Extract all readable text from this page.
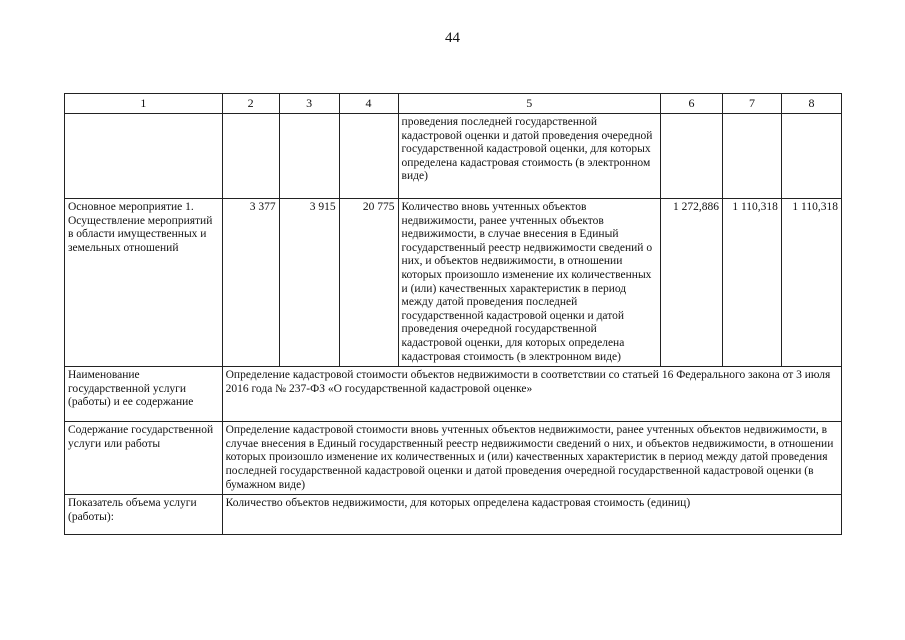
44
1	2	3	4	5	6	7	8
				проведения последней государственной кадастровой оценки и датой проведения очередной государственной кадастровой оценки, для которых определена кадастровая стоимость (в электронном виде)			
Основное мероприятие 1. Осуществление мероприятий в области имущественных и земельных отношений	3 377	3 915	20 775	Количество вновь учтенных объектов недвижимости, ранее учтенных объектов недвижимости, в случае внесения в Единый государственный реестр недвижимости сведений о них, и объектов недвижимости, в отношении которых произошло изменение их количественных и (или) качественных характеристик в период между датой проведения последней государственной кадастровой оценки и датой проведения очередной государственной кадастровой оценки, для которых определена кадастровая стоимость (в электронном виде)	1 272,886	1 110,318	1 110,318
Наименование государственной услуги (работы) и ее содержание	Определение кадастровой стоимости объектов недвижимости в соответствии со статьей 16 Федерального закона от 3 июля 2016 года № 237-ФЗ «О государственной кадастровой оценке»						
Содержание государственной услуги или работы	Определение кадастровой стоимости вновь учтенных объектов недвижимости, ранее учтенных объектов недвижимости, в случае внесения в Единый государственный реестр недвижимости сведений о них, и объектов недвижимости, в отношении которых произошло изменение их количественных и (или) качественных характеристик в период между датой проведения последней государственной кадастровой оценки и датой проведения очередной государственной кадастровой оценки (в бумажном виде)						
Показатель объема услуги (работы):	Количество объектов недвижимости, для которых определена кадастровая стоимость (единиц)						
